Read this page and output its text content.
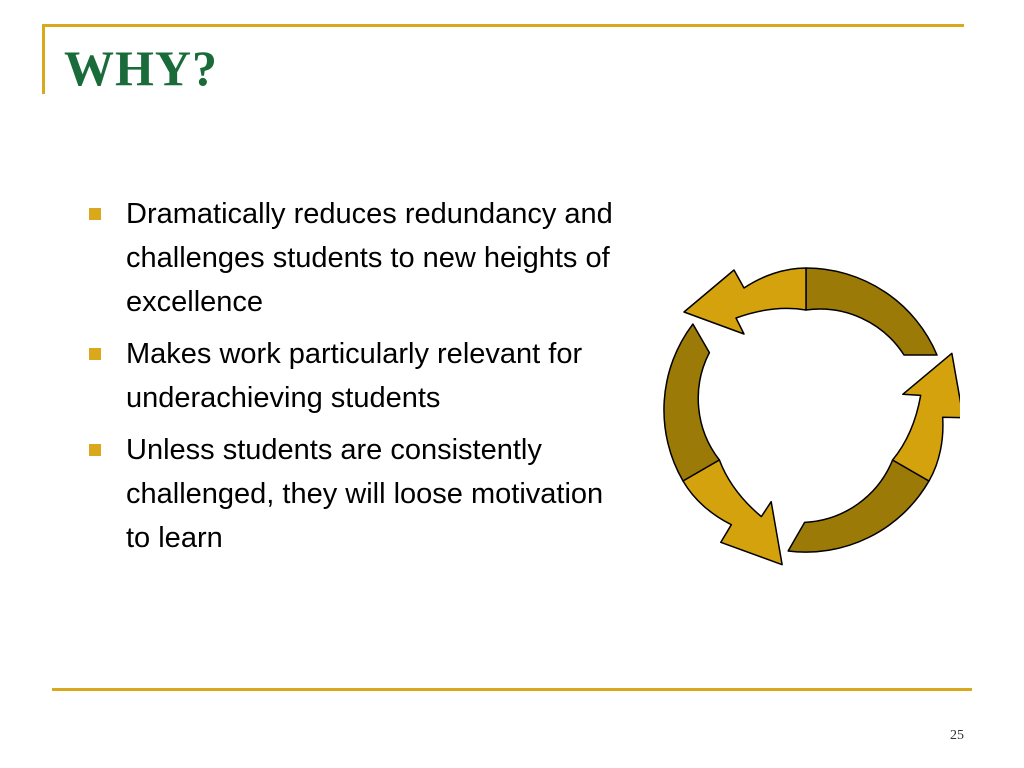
WHY?
Dramatically reduces redundancy and challenges students to new heights of excellence
Makes work particularly relevant for underachieving students
Unless students are consistently challenged, they will loose motivation to learn
25
